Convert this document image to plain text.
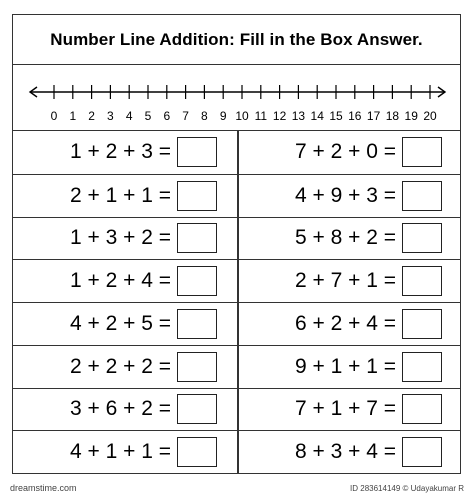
Number Line Addition: Fill in the Box Answer.
0 1 2 3 4 5 6 7 8 9 10 11 12 13 14 15 16 17 18 19 20
1 + 2 + 3 =	7 + 2 + 0 =
2 + 1 + 1 =	4 + 9 + 3 =
1 + 3 + 2 =	5 + 8 + 2 =
1 + 2 + 4 =	2 + 7 + 1 =
4 + 2 + 5 =	6 + 2 + 4 =
2 + 2 + 2 =	9 + 1 + 1 =
3 + 6 + 2 =	7 + 1 + 7 =
4 + 1 + 1 =	8 + 3 + 4 =
dreamstime.com	ID 283614149 © Udayakumar R
